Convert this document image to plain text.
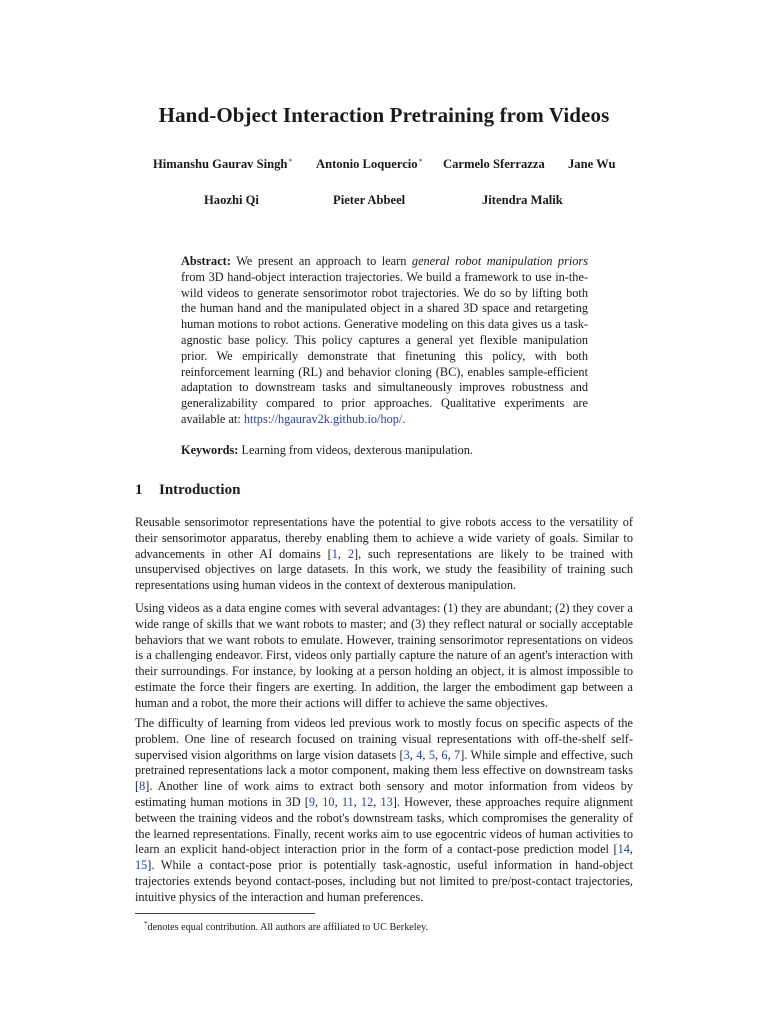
Hand-Object Interaction Pretraining from Videos
Himanshu Gaurav Singh* Antonio Loquercio* Carmelo Sferrazza Jane Wu
Haozhi Qi	Pieter Abbeel	Jitendra Malik
Abstract: We present an approach to learn general robot manipulation priors from 3D hand-object interaction trajectories. We build a framework to use in-the-wild videos to generate sensorimotor robot trajectories. We do so by lifting both the human hand and the manipulated object in a shared 3D space and retargeting human motions to robot actions. Generative modeling on this data gives us a task-agnostic base policy. This policy captures a general yet flexible manipulation prior. We empirically demonstrate that finetuning this policy, with both reinforcement learning (RL) and behavior cloning (BC), enables sample-efficient adaptation to downstream tasks and simultaneously improves robustness and generalizability compared to prior approaches. Qualitative experiments are available at: https://hgaurav2k.github.io/hop/.
Keywords: Learning from videos, dexterous manipulation.
1 Introduction
Reusable sensorimotor representations have the potential to give robots access to the versatility of their sensorimotor apparatus, thereby enabling them to achieve a wide variety of goals. Similar to advancements in other AI domains [1, 2], such representations are likely to be trained with unsupervised objectives on large datasets. In this work, we study the feasibility of training such representations using human videos in the context of dexterous manipulation.
Using videos as a data engine comes with several advantages: (1) they are abundant; (2) they cover a wide range of skills that we want robots to master; and (3) they reflect natural or socially acceptable behaviors that we want robots to emulate. However, training sensorimotor representations on videos is a challenging endeavor. First, videos only partially capture the nature of an agent's interaction with their surroundings. For instance, by looking at a person holding an object, it is almost impossible to estimate the force their fingers are exerting. In addition, the larger the embodiment gap between a human and a robot, the more their actions will differ to achieve the same objectives.
The difficulty of learning from videos led previous work to mostly focus on specific aspects of the problem. One line of research focused on training visual representations with off-the-shelf self-supervised vision algorithms on large vision datasets [3, 4, 5, 6, 7]. While simple and effective, such pretrained representations lack a motor component, making them less effective on downstream tasks [8]. Another line of work aims to extract both sensory and motor information from videos by estimating human motions in 3D [9, 10, 11, 12, 13]. However, these approaches require alignment between the training videos and the robot's downstream tasks, which compromises the generality of the learned representations. Finally, recent works aim to use egocentric videos of human activities to learn an explicit hand-object interaction prior in the form of a contact-pose prediction model [14, 15]. While a contact-pose prior is potentially task-agnostic, useful information in hand-object trajectories extends beyond contact-poses, including but not limited to pre/post-contact trajectories, intuitive physics of the interaction and human preferences.
*denotes equal contribution. All authors are affiliated to UC Berkeley.
